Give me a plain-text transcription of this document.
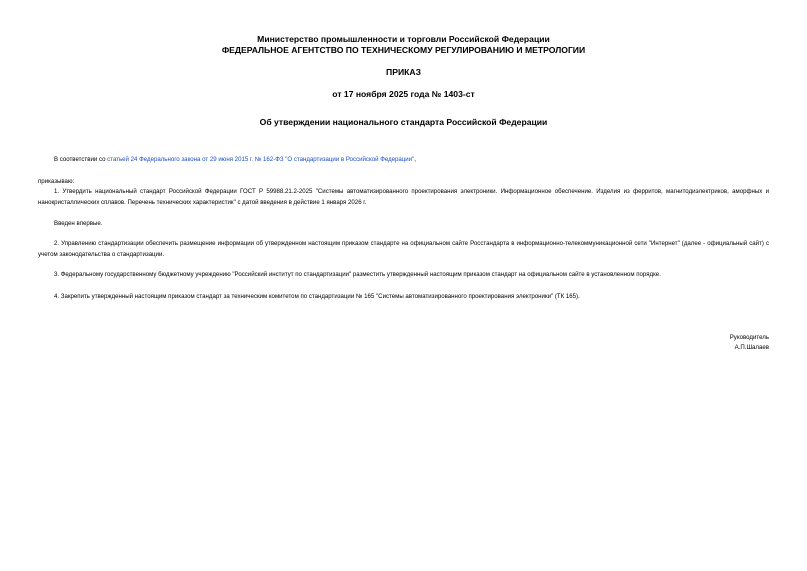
Министерство промышленности и торговли Российской Федерации
ФЕДЕРАЛЬНОЕ АГЕНТСТВО ПО ТЕХНИЧЕСКОМУ РЕГУЛИРОВАНИЮ И МЕТРОЛОГИИ
ПРИКАЗ
от 17 ноября 2025 года № 1403-ст
Об утверждении национального стандарта Российской Федерации
В соответствии со статьей 24 Федерального закона от 29 июня 2015 г. № 162-ФЗ "О стандартизации в Российской Федерации",
приказываю:
1. Утвердить национальный стандарт Российской Федерации ГОСТ Р 59988.21.2-2025 "Системы автоматизированного проектирования электроники. Информационное обеспечение. Изделия из ферритов, магнитодиэлектриков, аморфных и нанокристаллических сплавов. Перечень технических характеристик" с датой введения в действие 1 января 2026 г.
Введен впервые.
2. Управлению стандартизации обеспечить размещение информации об утвержденном настоящим приказом стандарте на официальном сайте Росстандарта в информационно-телекоммуникационной сети "Интернет" (далее - официальный сайт) с учетом законодательства о стандартизации.
3. Федеральному государственному бюджетному учреждению "Российский институт по стандартизации" разместить утвержденный настоящим приказом стандарт на официальном сайте в установленном порядке.
4. Закрепить утвержденный настоящим приказом стандарт за техническим комитетом по стандартизации № 165 "Системы автоматизированного проектирования электроники" (ТК 165).
Руководитель
А.П.Шалаев
